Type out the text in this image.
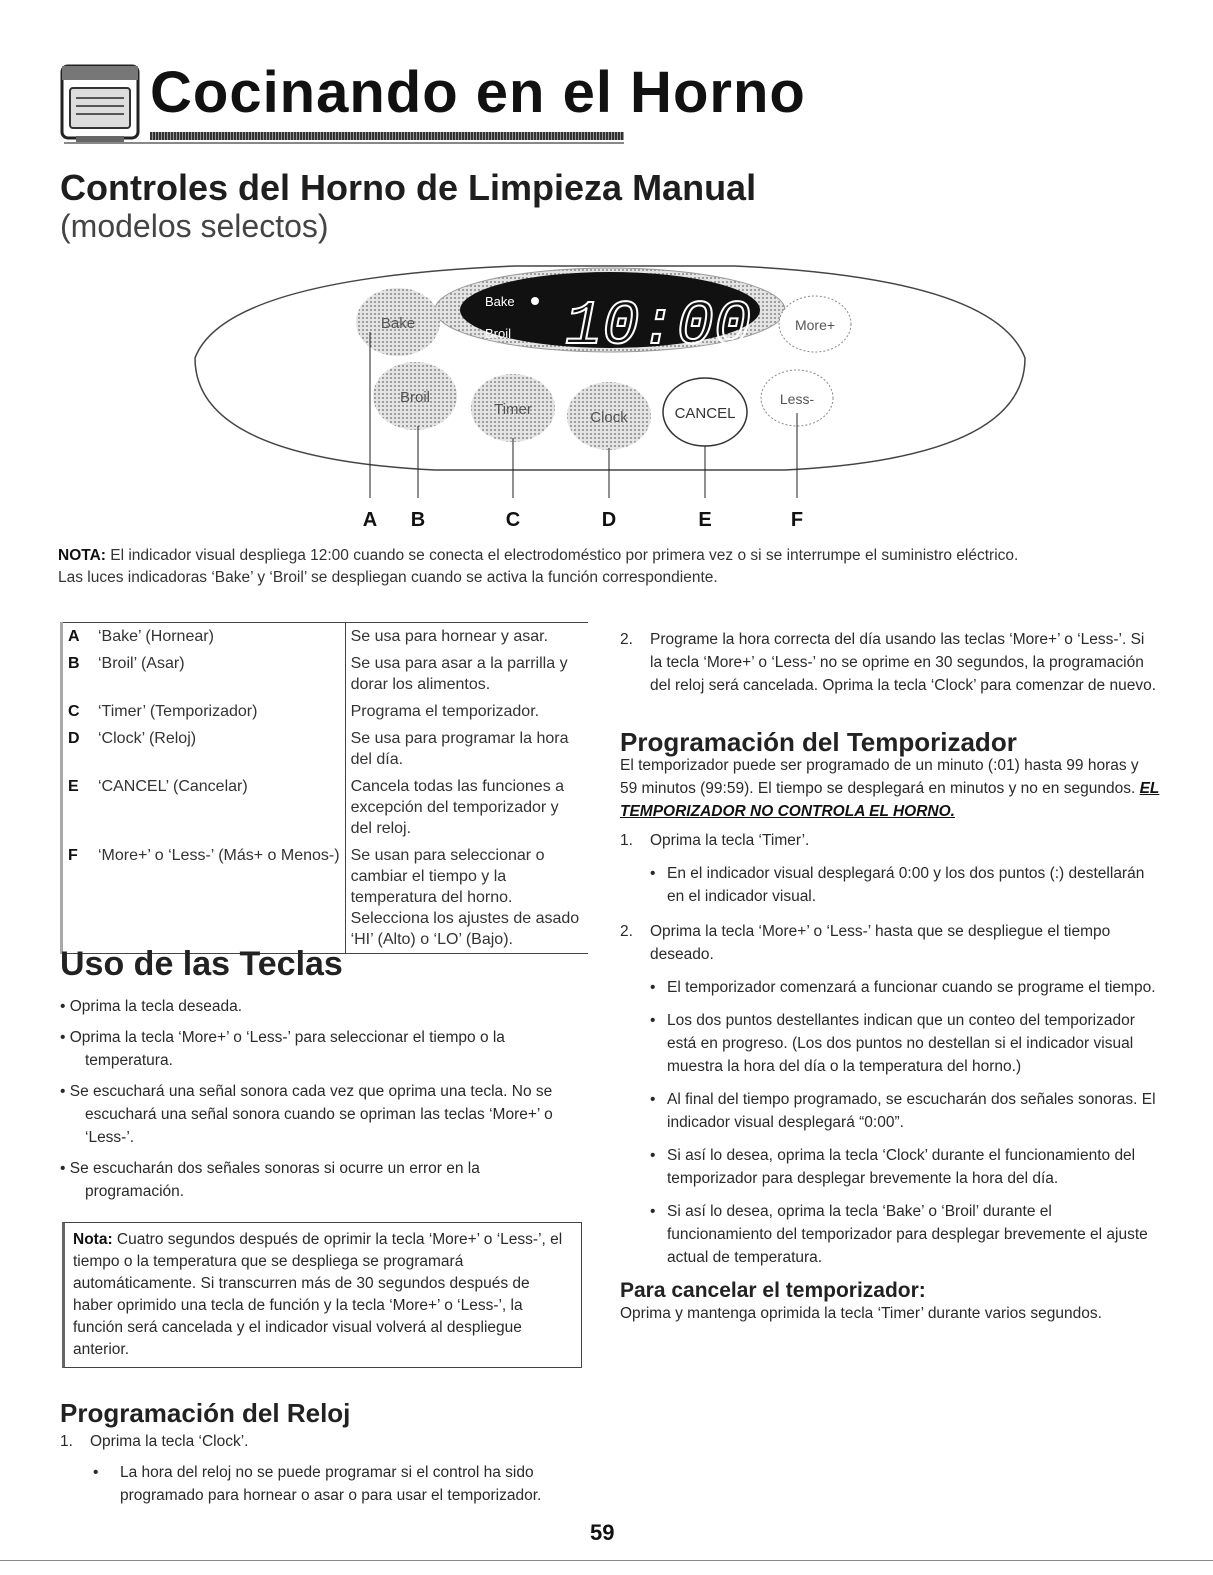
Cocinando en el Horno
Controles del Horno de Limpieza Manual
(modelos selectos)
Bake
Broil 10:00
Bake
Broil
Timer	Clock	CANCEL
More+
Less-
A B	C	D	E	F
NOTA: El indicador visual despliega 12:00 cuando se conecta el electrodoméstico por primera vez o si se interrumpe el suministro eléctrico.
Las luces indicadoras ‘Bake’ y ‘Broil’ se despliegan cuando se activa la función correspondiente.
A	‘Bake’ (Hornear)	Se usa para hornear y asar.
B	‘Broil’ (Asar)	Se usa para asar a la parrilla y dorar los alimentos.
C	‘Timer’ (Temporizador)	Programa el temporizador.
D	‘Clock’ (Reloj)	Se usa para programar la hora del día.
E	‘CANCEL’ (Cancelar)	Cancela todas las funciones a excepción del temporizador y del reloj.
F	‘More+’ o ‘Less-’ (Más+ o Menos-)	Se usan para seleccionar o cambiar el tiempo y la temperatura del horno. Selecciona los ajustes de asado ‘HI’ (Alto) o ‘LO’ (Bajo).
Uso de las Teclas
• Oprima la tecla deseada.
• Oprima la tecla ‘More+’ o ‘Less-’ para seleccionar el tiempo o la temperatura.
• Se escuchará una señal sonora cada vez que oprima una tecla. No se escuchará una señal sonora cuando se opriman las teclas ‘More+’ o ‘Less-’.
• Se escucharán dos señales sonoras si ocurre un error en la programación.
Nota: Cuatro segundos después de oprimir la tecla ‘More+’ o ‘Less-’, el tiempo o la temperatura que se despliega se programará automáticamente. Si transcurren más de 30 segundos después de haber oprimido una tecla de función y la tecla ‘More+’ o ‘Less-’, la función será cancelada y el indicador visual volverá al despliegue anterior.
Programación del Reloj
1. Oprima la tecla ‘Clock’.
• La hora del reloj no se puede programar si el control ha sido programado para hornear o asar o para usar el temporizador.
2. Programe la hora correcta del día usando las teclas ‘More+’ o ‘Less-’. Si la tecla ‘More+’ o ‘Less-’ no se oprime en 30 segundos, la programación del reloj será cancelada. Oprima la tecla ‘Clock’ para comenzar de nuevo.
Programación del Temporizador

El temporizador puede ser programado de un minuto (:01) hasta 99 horas y 59 minutos (99:59). El tiempo se desplegará en minutos y no en segundos. EL TEMPORIZADOR NO CONTROLA EL HORNO.

1. Oprima la tecla ‘Timer’.
• En el indicador visual desplegará 0:00 y los dos puntos (:) destellarán en el indicador visual.
2. Oprima la tecla ‘More+’ o ‘Less-’ hasta que se despliegue el tiempo deseado.
• El temporizador comenzará a funcionar cuando se programe el tiempo.
• Los dos puntos destellantes indican que un conteo del temporizador está en progreso. (Los dos puntos no destellan si el indicador visual muestra la hora del día o la temperatura del horno.)
• Al final del tiempo programado, se escucharán dos señales sonoras. El indicador visual desplegará “0:00”.
• Si así lo desea, oprima la tecla ‘Clock’ durante el funcionamiento del temporizador para desplegar brevemente la hora del día.
• Si así lo desea, oprima la tecla ‘Bake’ o ‘Broil’ durante el funcionamiento del temporizador para desplegar brevemente el ajuste actual de temperatura.
Para cancelar el temporizador:

Oprima y mantenga oprimida la tecla ‘Timer’ durante varios segundos.

59
